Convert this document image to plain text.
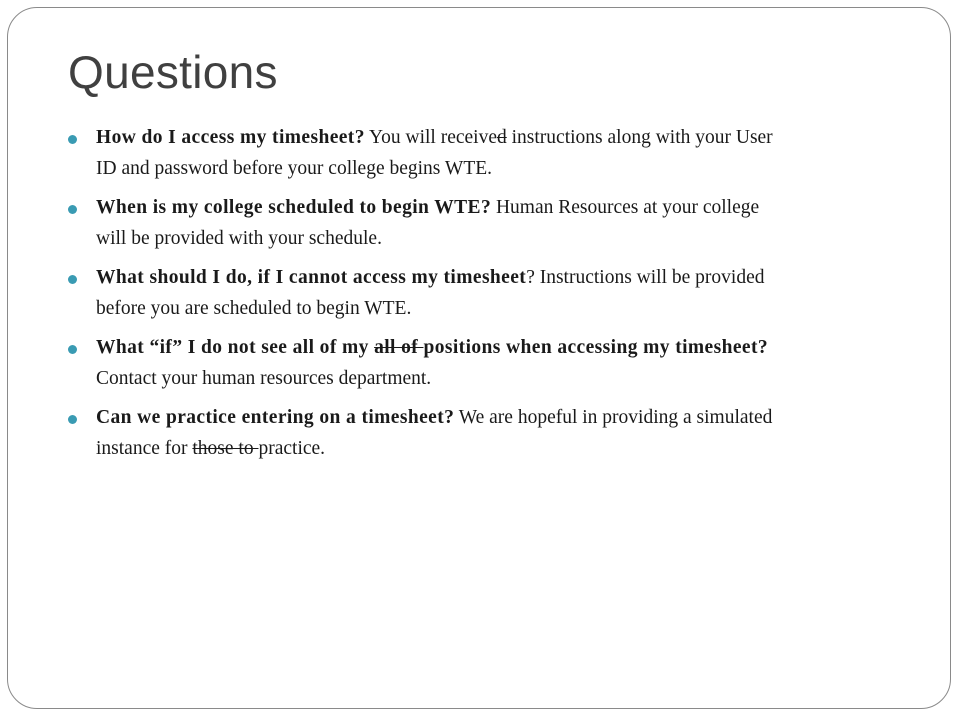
Questions
How do I access my timesheet? You will received instructions along with your User ID and password before your college begins WTE.
When is my college scheduled to begin WTE? Human Resources at your college will be provided with your schedule.
What should I do, if I cannot access my timesheet? Instructions will be provided before you are scheduled to begin WTE.
What “if” I do not see all of my all of positions when accessing my timesheet? Contact your human resources department.
Can we practice entering on a timesheet? We are hopeful in providing a simulated instance for those to practice.
